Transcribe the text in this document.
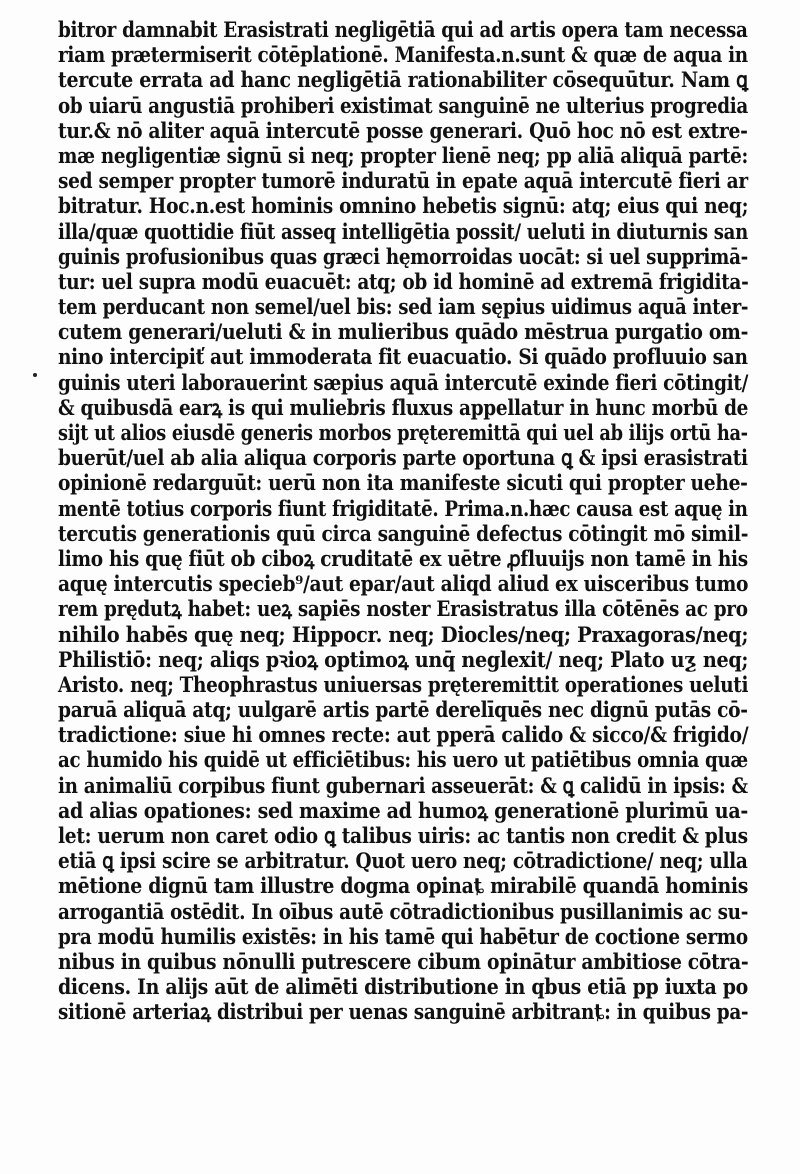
bitror damnabit Erasistrati negligētiā qui ad artis opera tam necessa
riam prætermiserit cōtēplationē. Manifesta.n.sunt & quæ de aqua in
tercute errata ad hanc negligētiā rationabiliter cōsequūtur. Nam ꝗ
ob uiarū angustiā prohiberi existimat sanguinē ne ulterius progredia
tur.& nō aliter aquā intercutē posse generari. Quō hoc nō est extre-
mæ negligentiæ signū si neq; propter lienē neq; pp aliā aliquā partē:
sed semper propter tumorē induratū in epate aquā intercutē fieri ar
bitratur. Hoc.n.est hominis omnino hebetis signū: atq; eius qui neq;
illa/quæ quottidie fiūt asseq intelligētia possit/ ueluti in diuturnis san
guinis profusionibus quas græci hęmorroidas uocāt: si uel supprimā-
tur: uel supra modū euacuēt: atq; ob id hominē ad extremā frigidita-
tem perducant non semel/uel bis: sed iam sępius uidimus aquā inter-
cutem generari/ueluti & in mulieribus quādo mēstrua purgatio om-
nino intercipiť aut immoderata fit euacuatio. Si quādo profluuio san
guinis uteri laborauerint sæpius aquā intercutē exinde fieri cōtingit/
& quibusdā earꝝ is qui muliebris fluxus appellatur in hunc morbū de
sijt ut alios eiusdē generis morbos pręteremittā qui uel ab ilijs ortū ha-
buerūt/uel ab alia aliqua corporis parte oportuna ꝗ & ipsi erasistrati
opinionē redarguūt: uerū non ita manifeste sicuti qui propter uehe-
mentē totius corporis fiunt frigiditatē. Prima.n.hæc causa est aquę in
tercutis generationis quū circa sanguinē defectus cōtingit mō simil-
limo his quę fiūt ob ciboꝝ cruditatē ex uētre ꝓfluuijs non tamē in his
aquę intercutis specieb⁹/aut epar/aut aliqd aliud ex uisceribus tumo
rem prędutꝝ habet: ueꝝ sapiēs noster Erasistratus illa cōtēnēs ac pro
nihilo habēs quę neq; Hippocr. neq; Diocles/neq; Praxagoras/neq;
Philistiō: neq; aliqs pꝛioꝝ optimoꝝ unq̄ neglexit/ neq; Plato uƺ neq;
Aristo. neq; Theophrastus uniuersas pręteremittit operationes ueluti
paruā aliquā atq; uulgarē artis partē derelīquēs nec dignū putās cō-
tradictione: siue hi omnes recte: aut pperā calido & sicco/& frigido/
ac humido his quidē ut efficiētibus: his uero ut patiētibus omnia quæ
in animaliū corpibus fiunt gubernari asseuerāt: & ꝗ calidū in ipsis: &
ad alias opationes: sed maxime ad humoꝝ generationē plurimū ua-
let: uerum non caret odio ꝗ talibus uiris: ac tantis non credit & plus
etiā ꝗ ipsi scire se arbitratur. Quot uero neq; cōtradictione/ neq; ulla
mētione dignū tam illustre dogma opinaȶ mirabilē quandā hominis
arrogantiā ostēdit. In oībus autē cōtradictionibus pusillanimis ac su-
pra modū humilis existēs: in his tamē qui habētur de coctione sermo
nibus in quibus nōnulli putrescere cibum opinātur ambitiose cōtra-
dicens. In alijs aūt de alimēti distributione in qbus etiā pp iuxta po
sitionē arteriaꝝ distribui per uenas sanguinē arbitranȶ: in quibus pa-
